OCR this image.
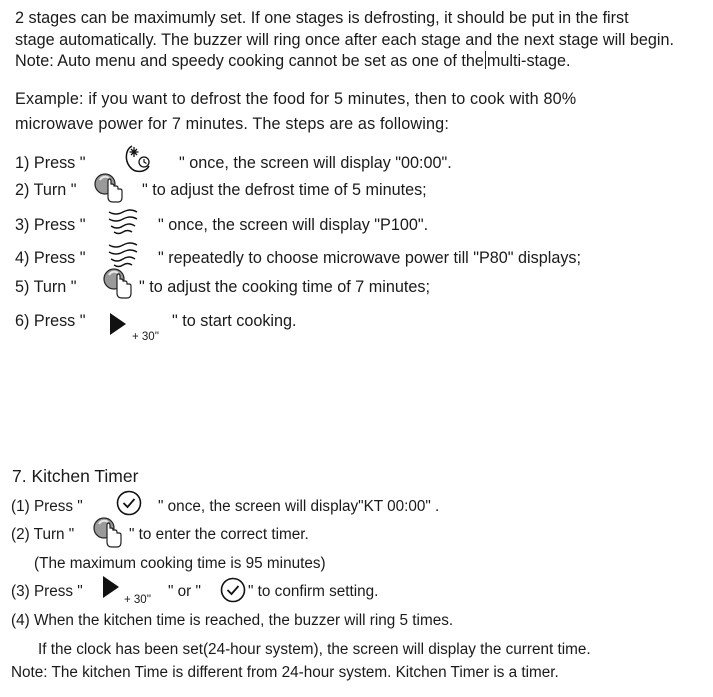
2 stages can be maximumly set. If one stages is defrosting, it should be put in the first
stage automatically. The buzzer will ring once after each stage and the next stage will begin.
Note: Auto menu and speedy cooking cannot be set as one of the multi-stage.
Example: if you want to defrost the food for 5 minutes, then to cook with 80%
microwave power for 7 minutes. The steps are as following:
1) Press "	" once, the screen will display "00:00".
2) Turn "	" to adjust the defrost time of 5 minutes;
3) Press "	" once, the screen will display "P100".
4) Press "	" repeatedly to choose microwave power till "P80" displays;
5) Turn "	" to adjust the cooking time of 7 minutes;
6) Press "
+ 30''
" to start cooking.
7. Kitchen Timer
(1) Press "	" once, the screen will display"KT 00:00" .
(2) Turn "	" to enter the correct timer.
(The maximum cooking time is 95 minutes)
(3) Press "	+ 30'' " or "	" to confirm setting.
(4) When the kitchen time is reached, the buzzer will ring 5 times.
If the clock has been set(24-hour system), the screen will display the current time.
Note: The kitchen Time is different from 24-hour system. Kitchen Timer is a timer.
